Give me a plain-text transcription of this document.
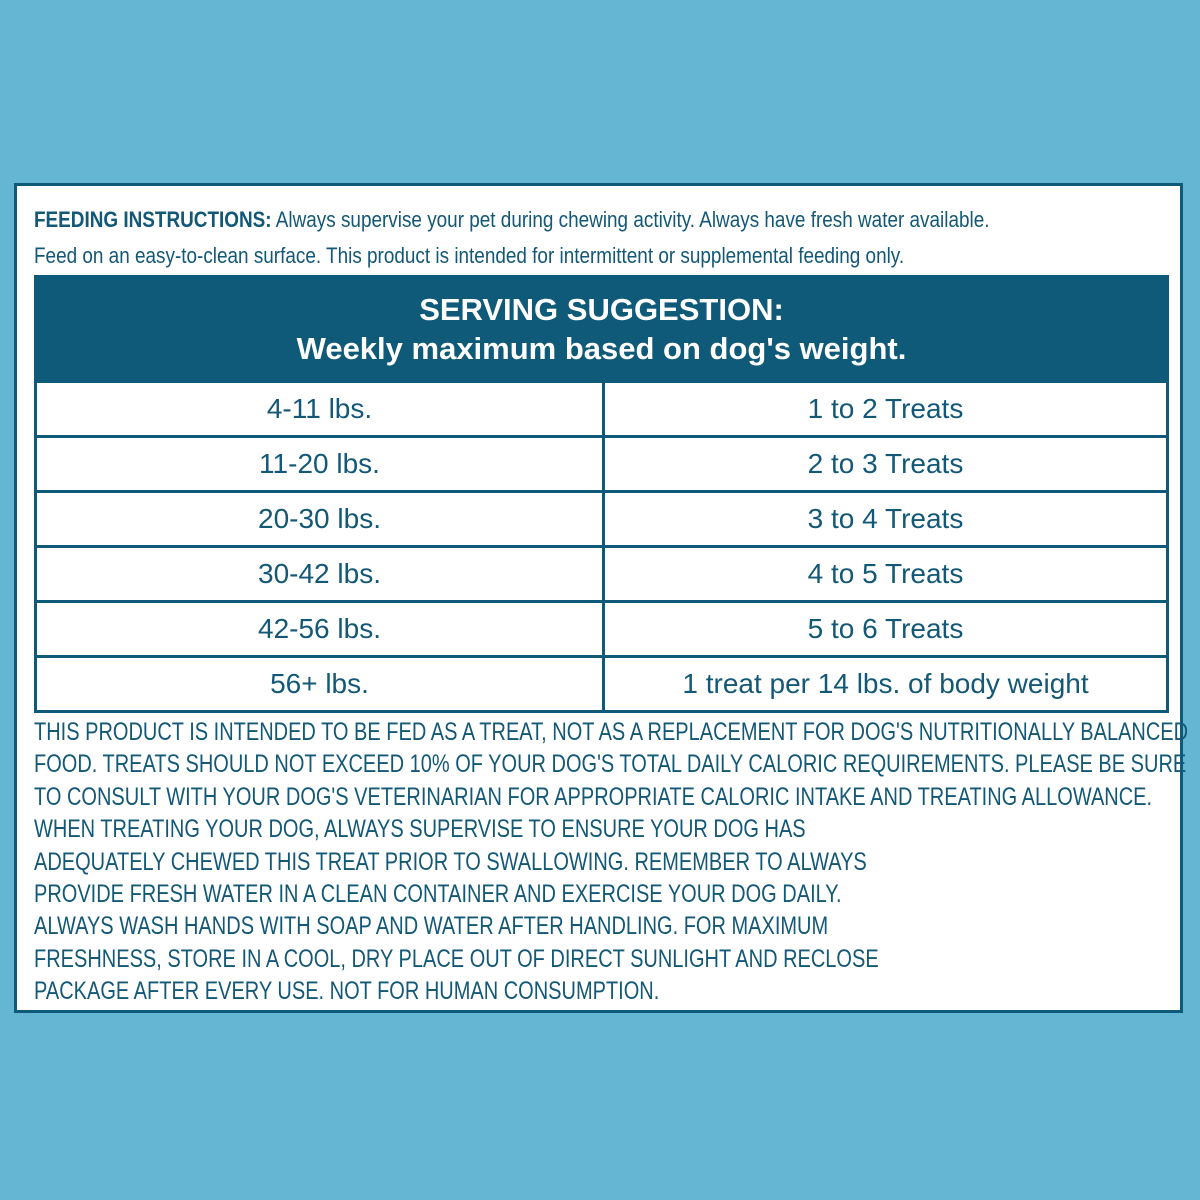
FEEDING INSTRUCTIONS: Always supervise your pet during chewing activity. Always have fresh water available.
Feed on an easy-to-clean surface. This product is intended for intermittent or supplemental feeding only.
SERVING SUGGESTION:
Weekly maximum based on dog's weight.
4-11 lbs.	1 to 2 Treats
11-20 lbs.	2 to 3 Treats
20-30 lbs.	3 to 4 Treats
30-42 lbs.	4 to 5 Treats
42-56 lbs.	5 to 6 Treats
56+ lbs.	1 treat per 14 lbs. of body weight
THIS PRODUCT IS INTENDED TO BE FED AS A TREAT, NOT AS A REPLACEMENT FOR DOG'S NUTRITIONALLY BALANCED
FOOD. TREATS SHOULD NOT EXCEED 10% OF YOUR DOG'S TOTAL DAILY CALORIC REQUIREMENTS. PLEASE BE SURE
TO CONSULT WITH YOUR DOG'S VETERINARIAN FOR APPROPRIATE CALORIC INTAKE AND TREATING ALLOWANCE.
WHEN TREATING YOUR DOG, ALWAYS SUPERVISE TO ENSURE YOUR DOG HAS
ADEQUATELY CHEWED THIS TREAT PRIOR TO SWALLOWING. REMEMBER TO ALWAYS
PROVIDE FRESH WATER IN A CLEAN CONTAINER AND EXERCISE YOUR DOG DAILY.
ALWAYS WASH HANDS WITH SOAP AND WATER AFTER HANDLING. FOR MAXIMUM
FRESHNESS, STORE IN A COOL, DRY PLACE OUT OF DIRECT SUNLIGHT AND RECLOSE
PACKAGE AFTER EVERY USE. NOT FOR HUMAN CONSUMPTION.
